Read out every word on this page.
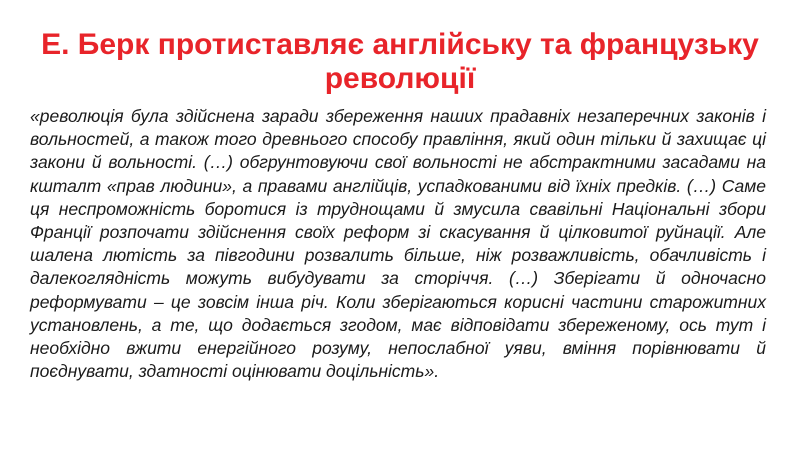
Е. Берк протиставляє англійську та французьку революції

«революція була здійснена заради збереження наших прадавніх незаперечних законів і вольностей, а також того древнього способу правління, який один тільки й захищає ці закони й вольності. (…) обгрунтовуючи свої вольності не абстрактними засадами на кшталт «прав людини», а правами англійців, успадкованими від їхніх предків. (…) Саме ця неспроможність боротися із труднощами й змусила свавільні Національні збори Франції розпочати здійснення своїх реформ зі скасування й цілковитої руйнації. Але шалена лютість за півгодини розвалить більше, ніж розважливість, обачливість і далекоглядність можуть вибудувати за сторіччя. (…) Зберігати й одночасно реформувати – це зовсім інша річ. Коли зберігаються корисні частини старожитних установлень, а те, що додається згодом, має відповідати збереженому, ось тут і необхідно вжити енергійного розуму, непослабної уяви, вміння порівнювати й поєднувати, здатності оцінювати доцільність».
